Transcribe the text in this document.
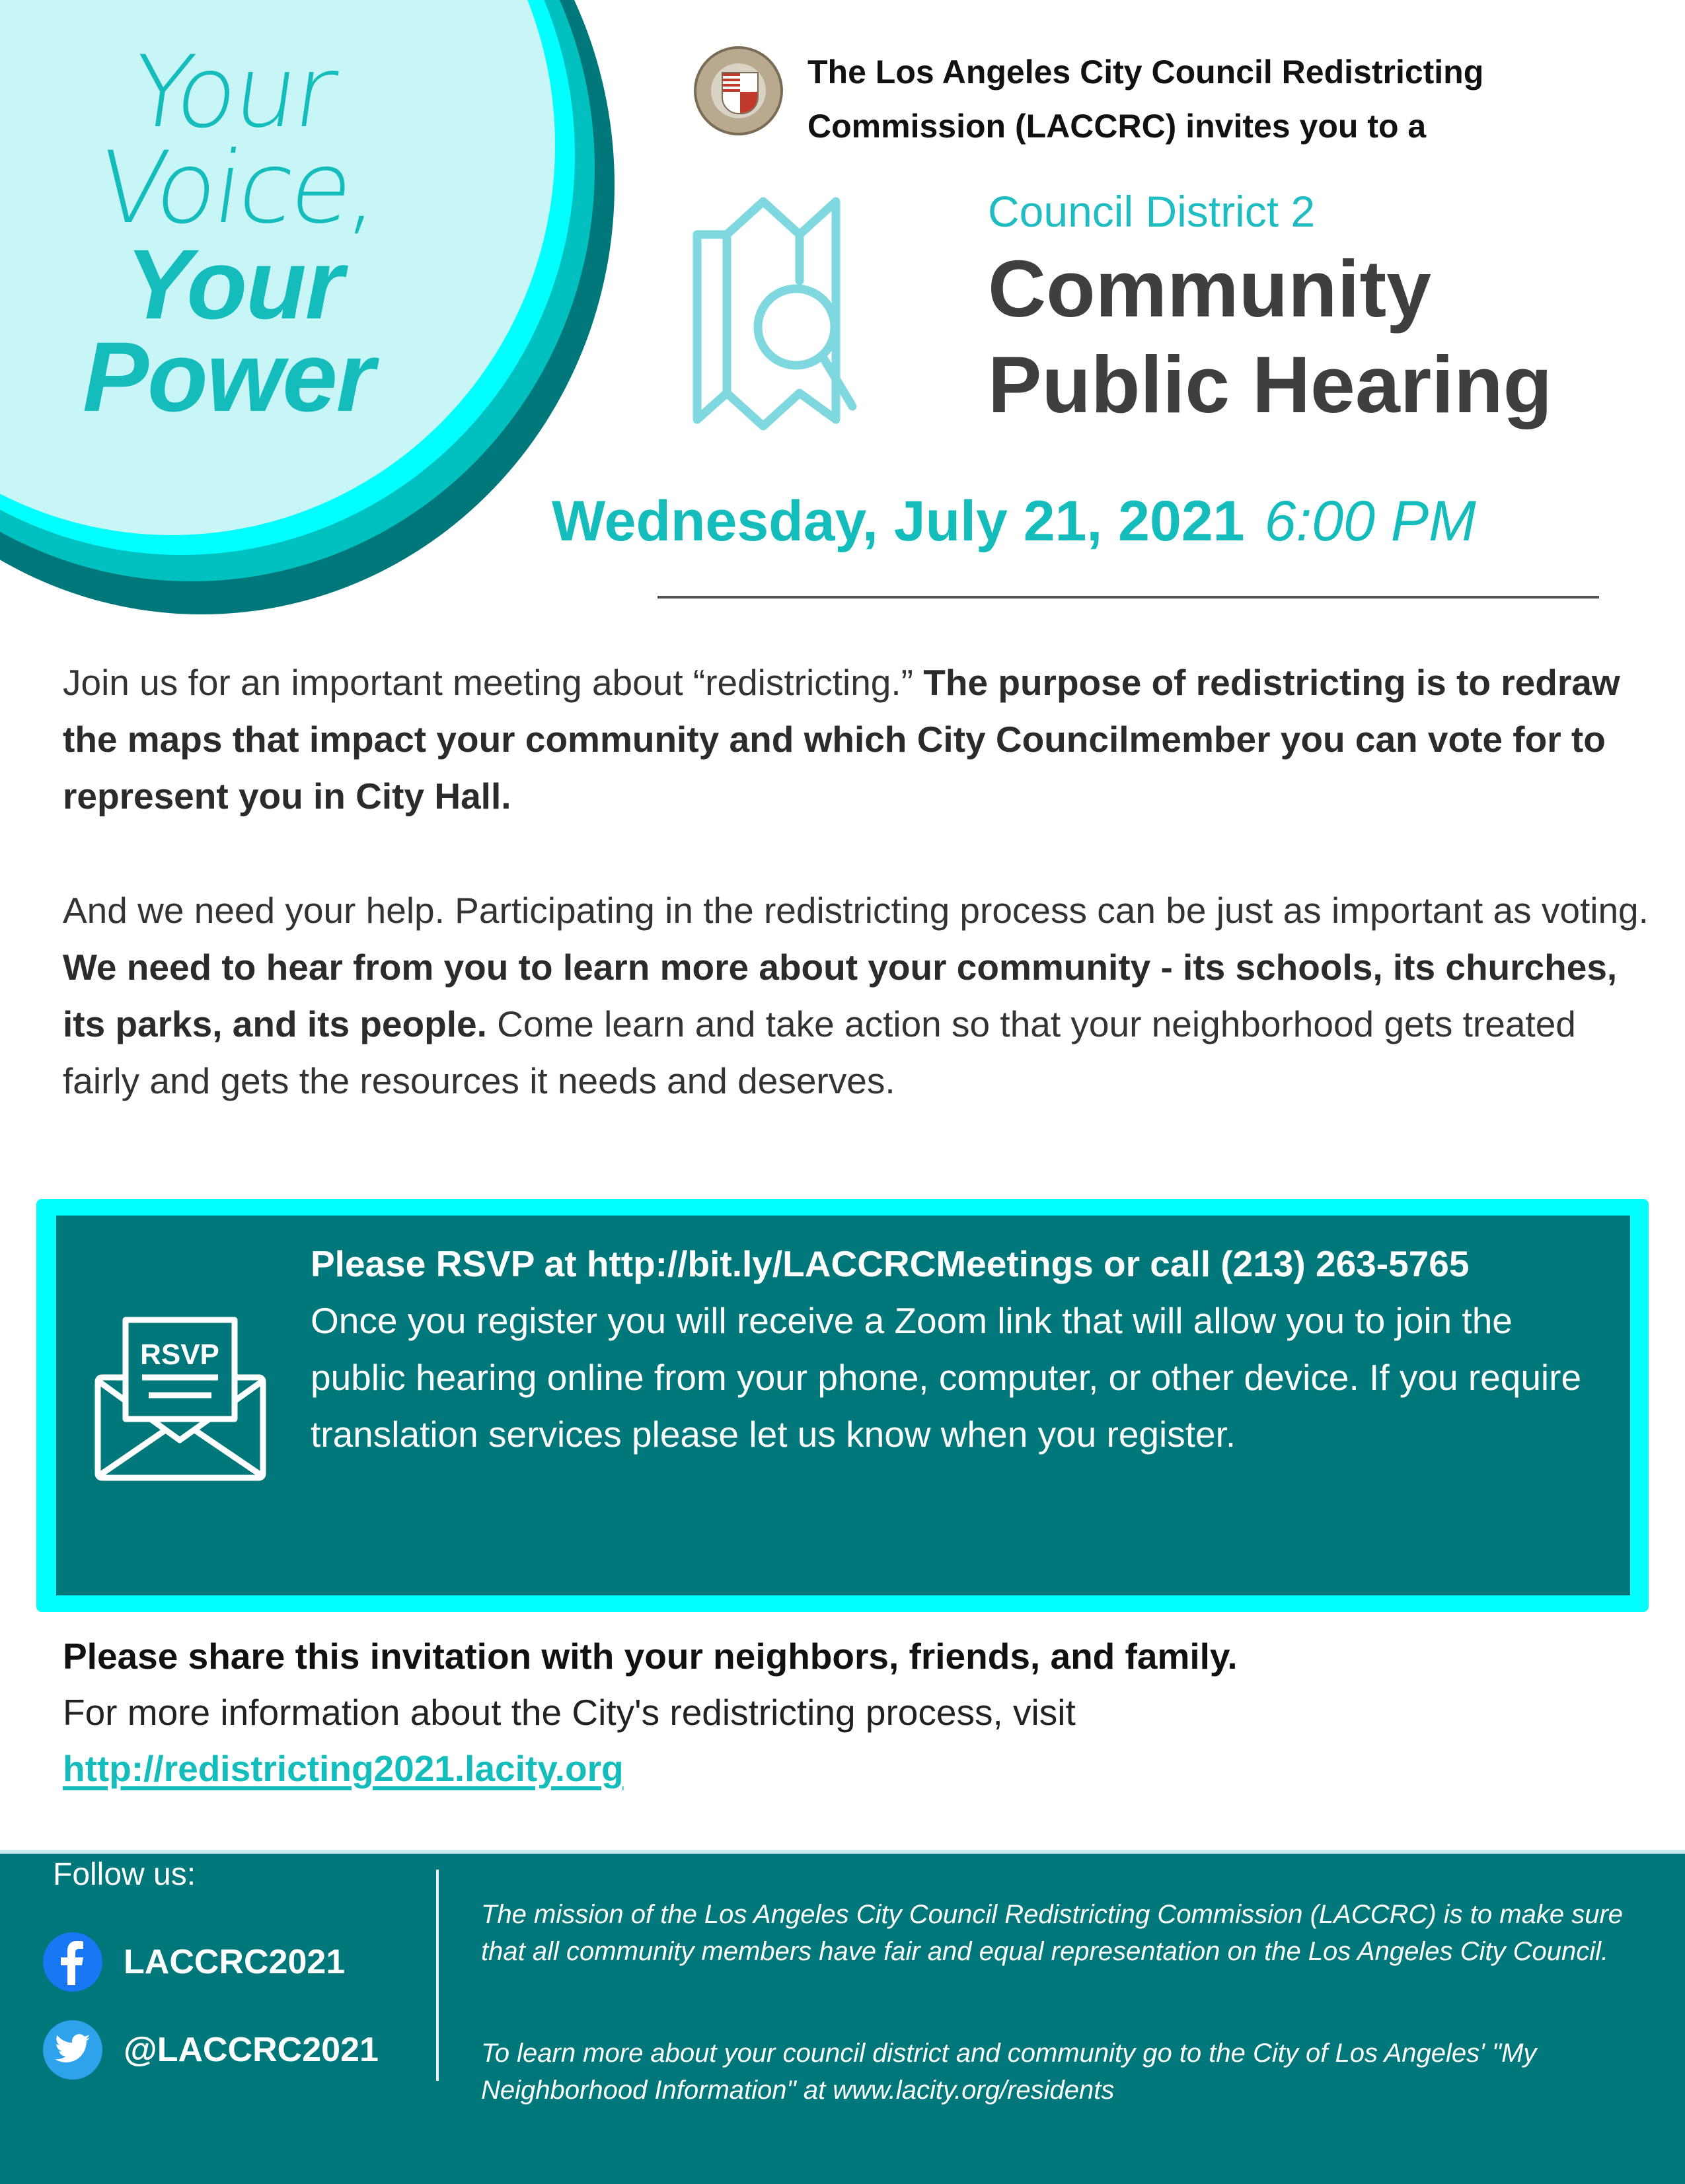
Your
Voice,
Your
Power
The Los Angeles City Council Redistricting
Commission (LACCRC) invites you to a
Council District 2
Community
Public Hearing
Wednesday, July 21, 2021 6:00 PM
Join us for an important meeting about “redistricting.” The purpose of redistricting is to redraw the maps that impact your community and which City Councilmember you can vote for to represent you in City Hall.
And we need your help. Participating in the redistricting process can be just as important as voting. We need to hear from you to learn more about your community - its schools, its churches, its parks, and its people. Come learn and take action so that your neighborhood gets treated fairly and gets the resources it needs and deserves.
RSVP
Please RSVP at http://bit.ly/LACCRCMeetings or call (213) 263-5765
Once you register you will receive a Zoom link that will allow you to join the public hearing online from your phone, computer, or other device. If you require translation services please let us know when you register.
Please share this invitation with your neighbors, friends, and family.
For more information about the City's redistricting process, visit
http://redistricting2021.lacity.org
Follow us:
LACCRC2021
@LACCRC2021
The mission of the Los Angeles City Council Redistricting Commission (LACCRC) is to make sure that all community members have fair and equal representation on the Los Angeles City Council.
To learn more about your council district and community go to the City of Los Angeles' "My Neighborhood Information" at www.lacity.org/residents
